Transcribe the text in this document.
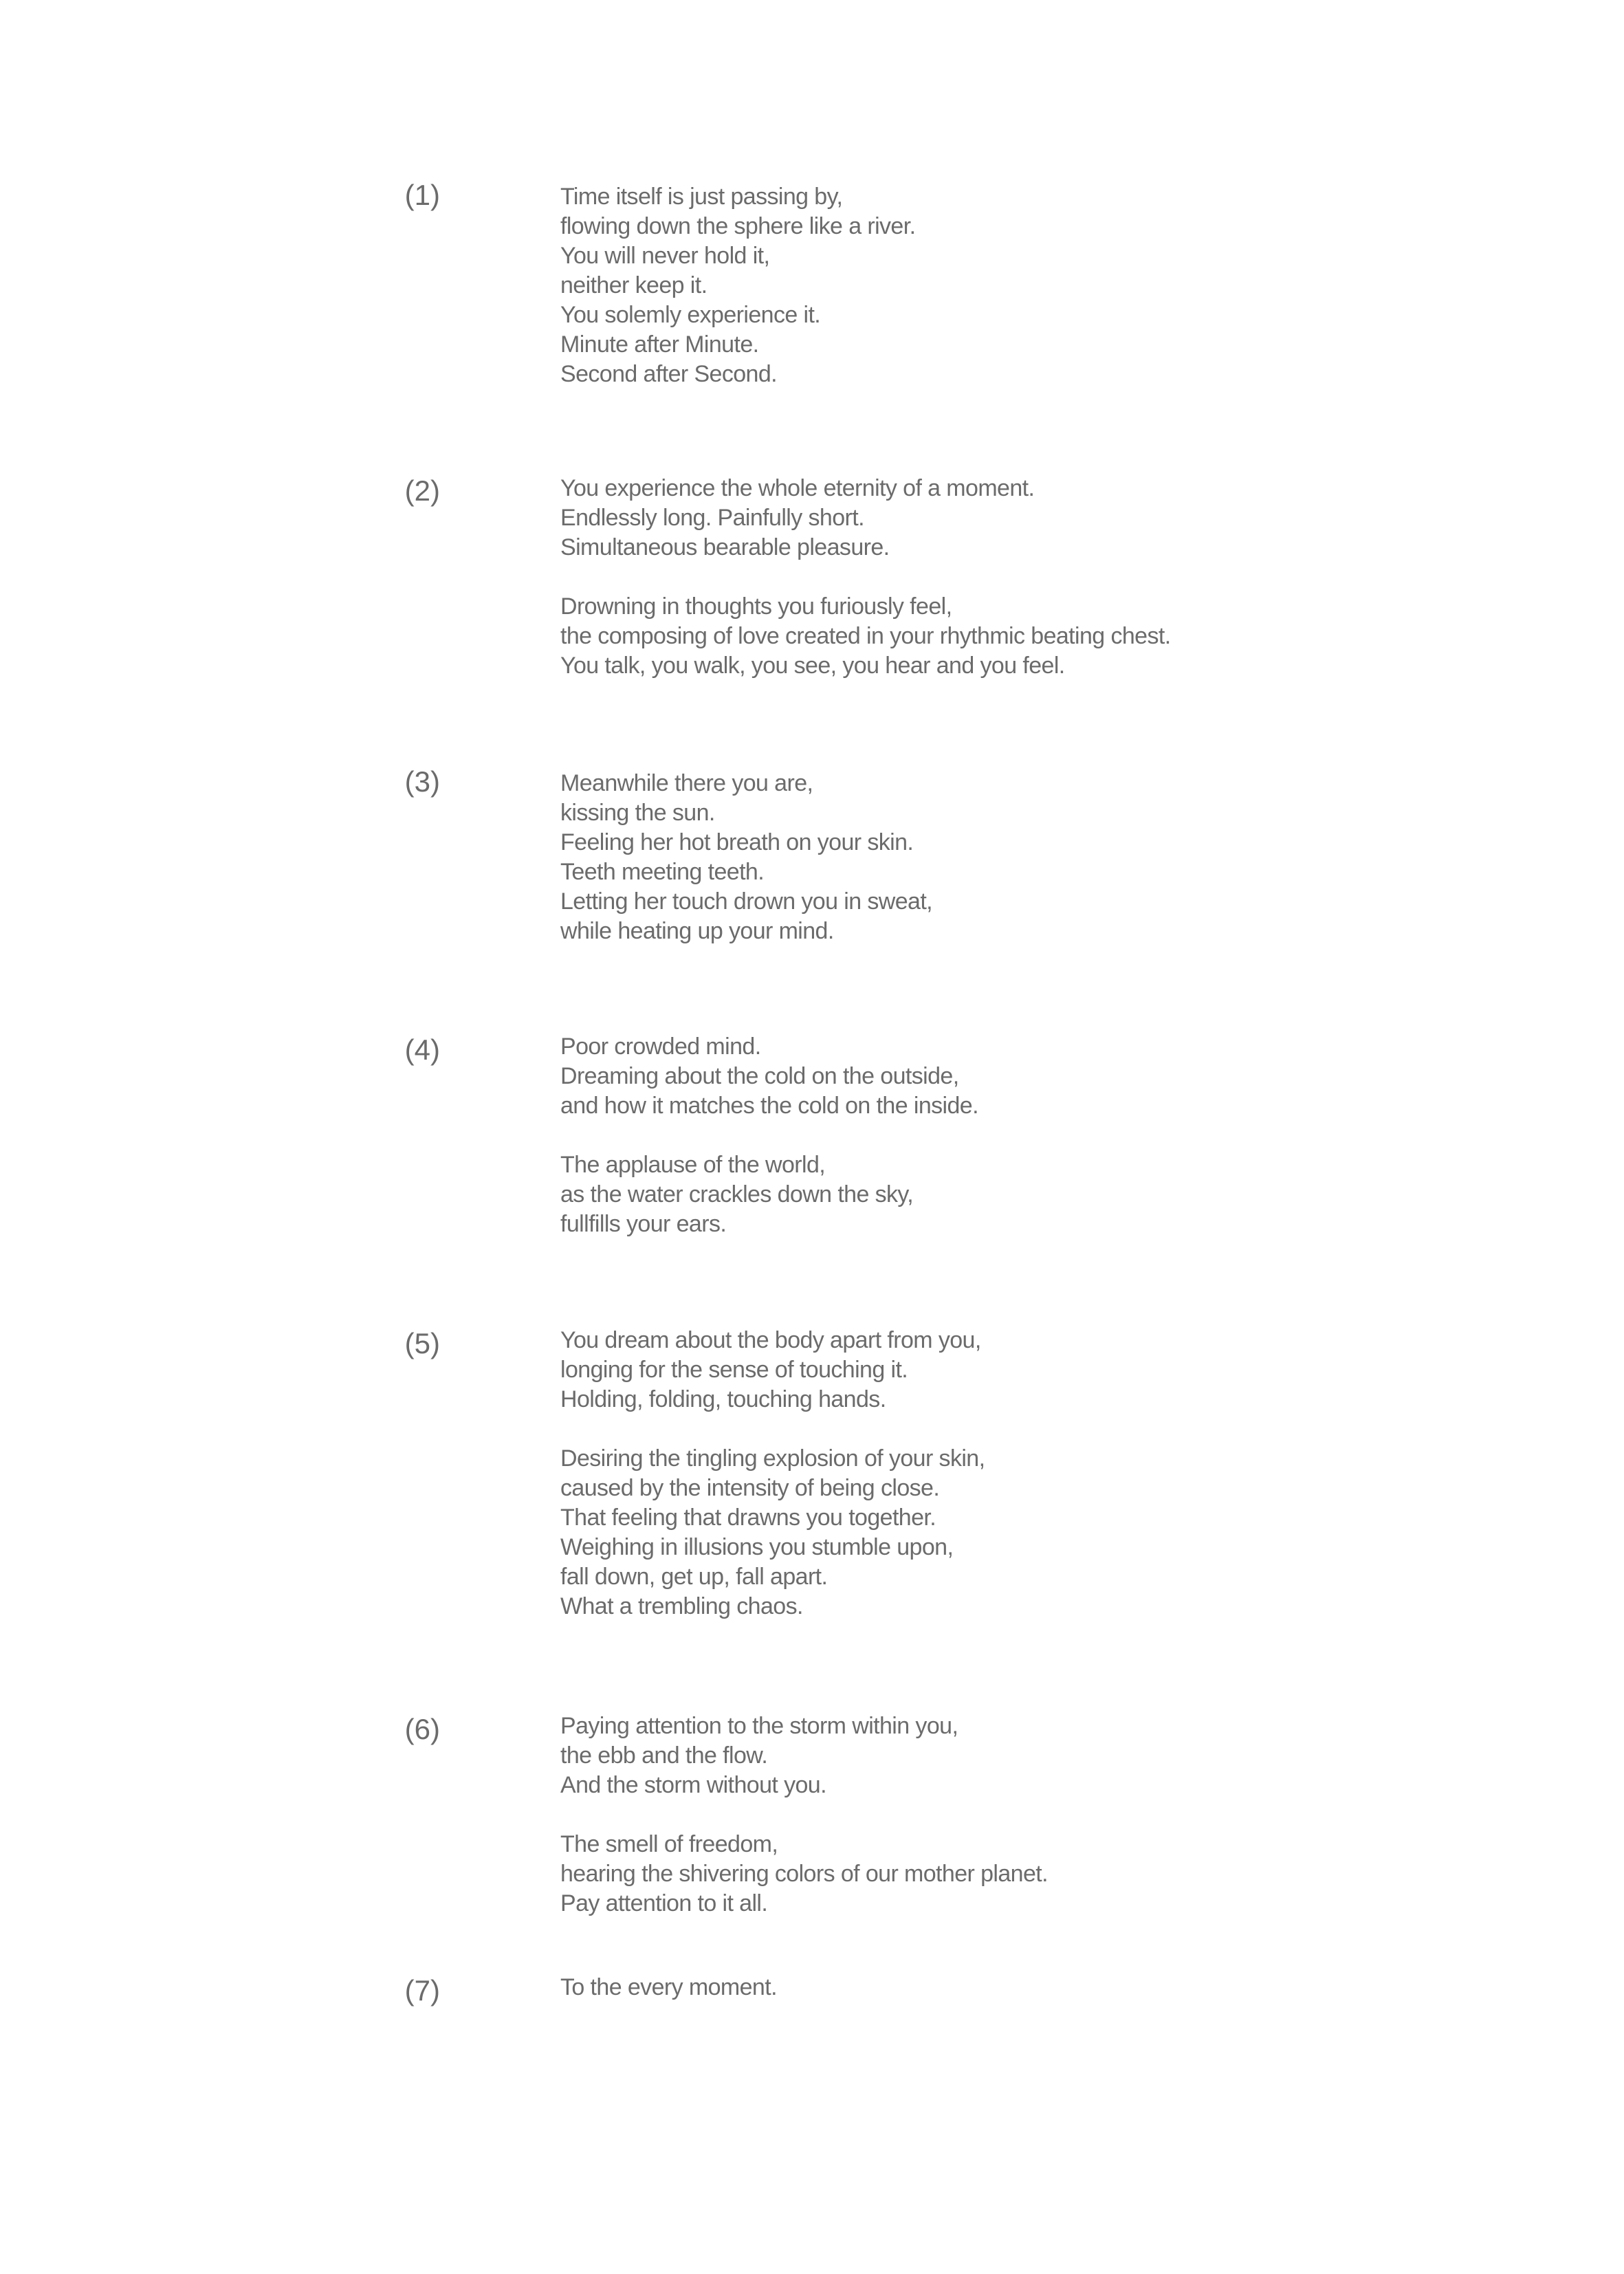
(1)	Time itself is just passing by,
flowing down the sphere like a river.
You will never hold it,
neither keep it.
You solemly experience it.
Minute after Minute.
Second after Second.
(2)	You experience the whole eternity of a moment.
Endlessly long. Painfully short.
Simultaneous bearable pleasure.
Drowning in thoughts you furiously feel,
the composing of love created in your rhythmic beating chest.
You talk, you walk, you see, you hear and you feel.
(3)	Meanwhile there you are,
kissing the sun.
Feeling her hot breath on your skin.
Teeth meeting teeth.
Letting her touch drown you in sweat,
while heating up your mind.
(4)	Poor crowded mind.
Dreaming about the cold on the outside,
and how it matches the cold on the inside.
The applause of the world,
as the water crackles down the sky,
fullfills your ears.
(5)	You dream about the body apart from you,
longing for the sense of touching it.
Holding, folding, touching hands.
Desiring the tingling explosion of your skin,
caused by the intensity of being close.
That feeling that drawns you together.
Weighing in illusions you stumble upon,
fall down, get up, fall apart.
What a trembling chaos.
(6)	Paying attention to the storm within you,
the ebb and the flow.
And the storm without you.
The smell of freedom,
hearing the shivering colors of our mother planet.
Pay attention to it all.
(7)	To the every moment.
